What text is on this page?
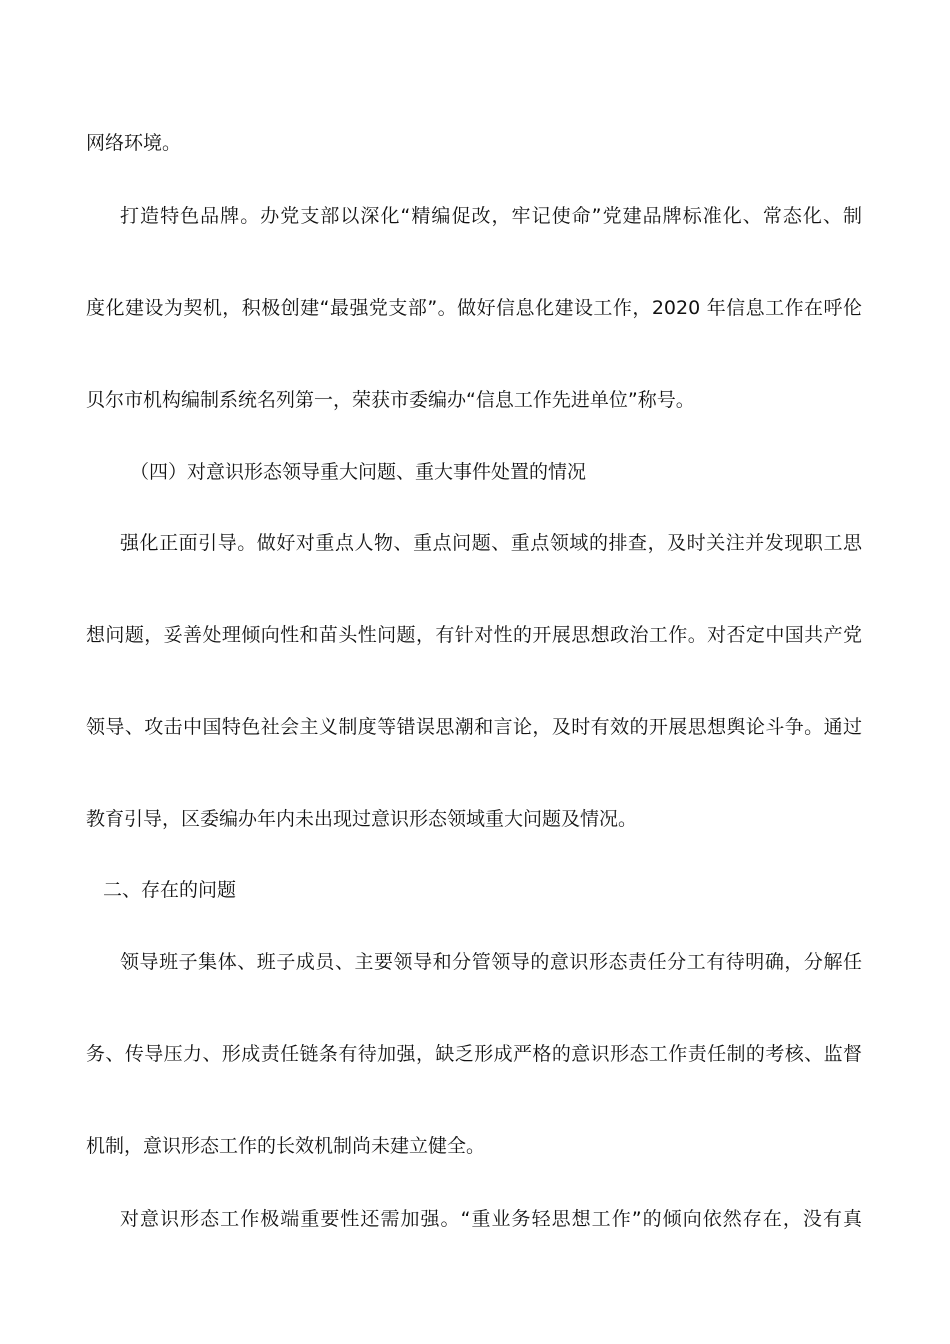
网络环境。
打造特色品牌。办党支部以深化“精编促改，牢记使命”党建品牌标准化、常态化、制
度化建设为契机，积极创建“最强党支部”。做好信息化建设工作，2020 年信息工作在呼伦
贝尔市机构编制系统名列第一，荣获市委编办“信息工作先进单位”称号。
（四）对意识形态领导重大问题、重大事件处置的情况
强化正面引导。做好对重点人物、重点问题、重点领域的排查，及时关注并发现职工思
想问题，妥善处理倾向性和苗头性问题，有针对性的开展思想政治工作。对否定中国共产党
领导、攻击中国特色社会主义制度等错误思潮和言论，及时有效的开展思想舆论斗争。通过
教育引导，区委编办年内未出现过意识形态领域重大问题及情况。
二、存在的问题
领导班子集体、班子成员、主要领导和分管领导的意识形态责任分工有待明确，分解任
务、传导压力、形成责任链条有待加强，缺乏形成严格的意识形态工作责任制的考核、监督
机制，意识形态工作的长效机制尚未建立健全。
对意识形态工作极端重要性还需加强。“重业务轻思想工作”的倾向依然存在，没有真
